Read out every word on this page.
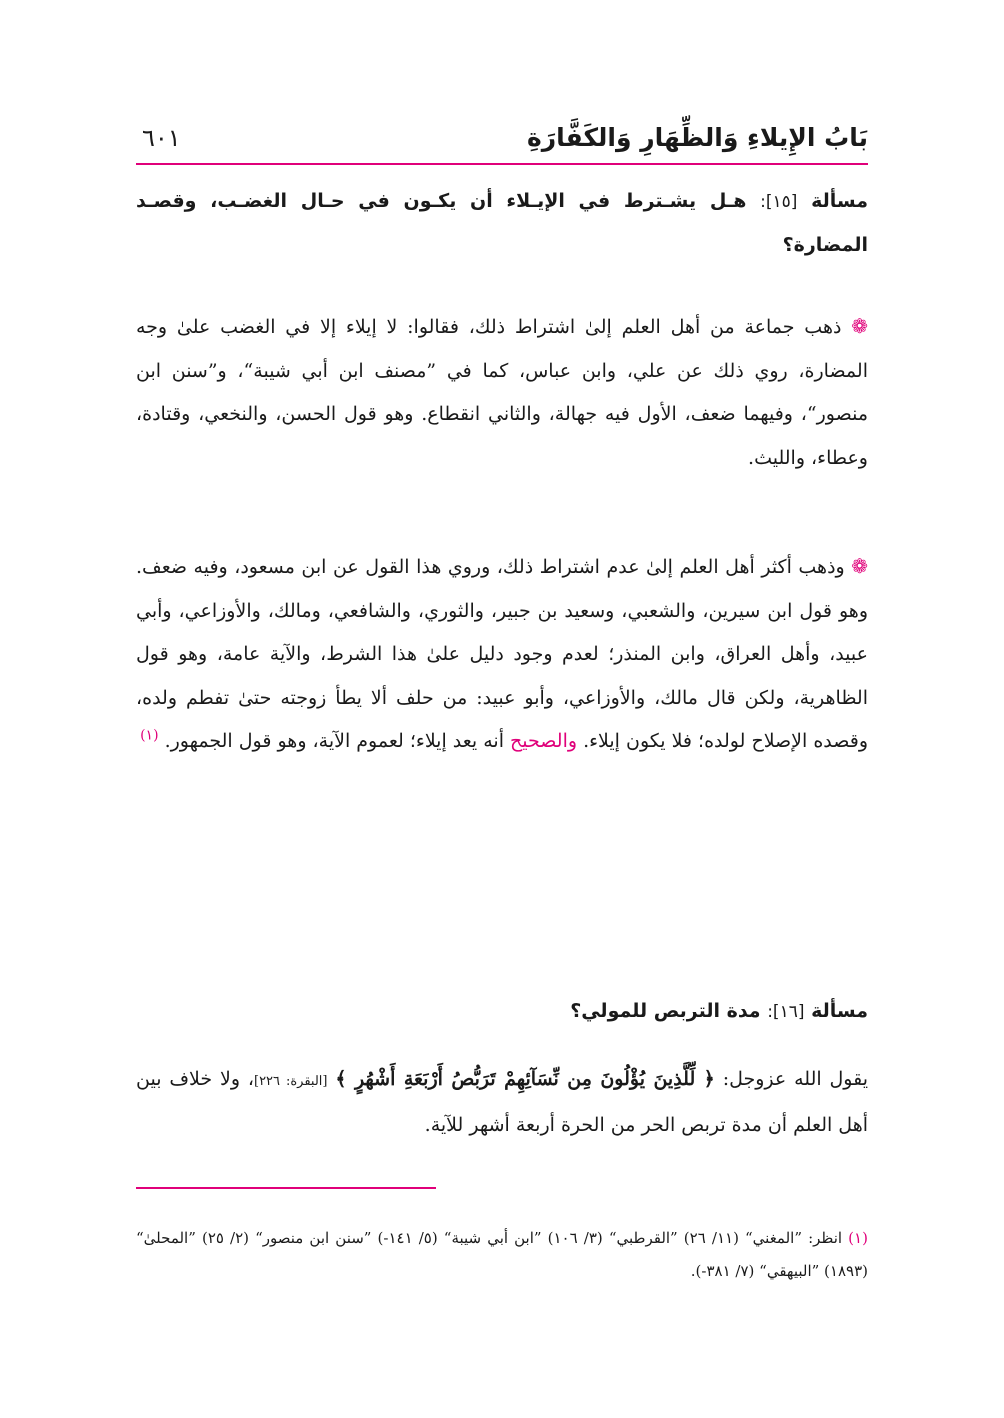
بَابُ الإِيلاءِ وَالظِّهَارِ وَالكَفَّارَةِ
٦٠١
مسألة [١٥]: هـل يشـترط في الإيـلاء أن يكـون في حـال الغضـب، وقصـد المضارة؟
❁ ذهب جماعة من أهل العلم إلىٰ اشتراط ذلك، فقالوا: لا إيلاء إلا في الغضب علىٰ وجه المضارة، روي ذلك عن علي، وابن عباس، كما في ”مصنف ابن أبي شيبة“، و”سنن ابن منصور“، وفيهما ضعف، الأول فيه جهالة، والثاني انقطاع. وهو قول الحسن، والنخعي، وقتادة، وعطاء، والليث.
❁ وذهب أكثر أهل العلم إلىٰ عدم اشتراط ذلك، وروي هذا القول عن ابن مسعود، وفيه ضعف. وهو قول ابن سيرين، والشعبي، وسعيد بن جبير، والثوري، والشافعي، ومالك، والأوزاعي، وأبي عبيد، وأهل العراق، وابن المنذر؛ لعدم وجود دليل علىٰ هذا الشرط، والآية عامة، وهو قول الظاهرية، ولكن قال مالك، والأوزاعي، وأبو عبيد: من حلف ألا يطأ زوجته حتىٰ تفطم ولده، وقصده الإصلاح لولده؛ فلا يكون إيلاء. والصحيح أنه يعد إيلاء؛ لعموم الآية، وهو قول الجمهور. $^{(١)}$
مسألة [١٦]: مدة التربص للمولي؟
يقول الله عزوجل: ﴿ لِّلَّذِينَ يُؤْلُونَ مِن نِّسَآئِهِمْ تَرَبُّصُ أَرْبَعَةِ أَشْهُرٍ ﴾ [البقرة: ٢٢٦]، ولا خلاف بين أهل العلم أن مدة تربص الحر من الحرة أربعة أشهر للآية.
(١) انظر: ”المغني“ (١١/ ٢٦) ”القرطبي“ (٣/ ١٠٦) ”ابن أبي شيبة“ (٥/ ١٤١-) ”سنن ابن منصور“ (٢/ ٢٥) ”المحلىٰ“ (١٨٩٣) ”البيهقي“ (٧/ ٣٨١-).
